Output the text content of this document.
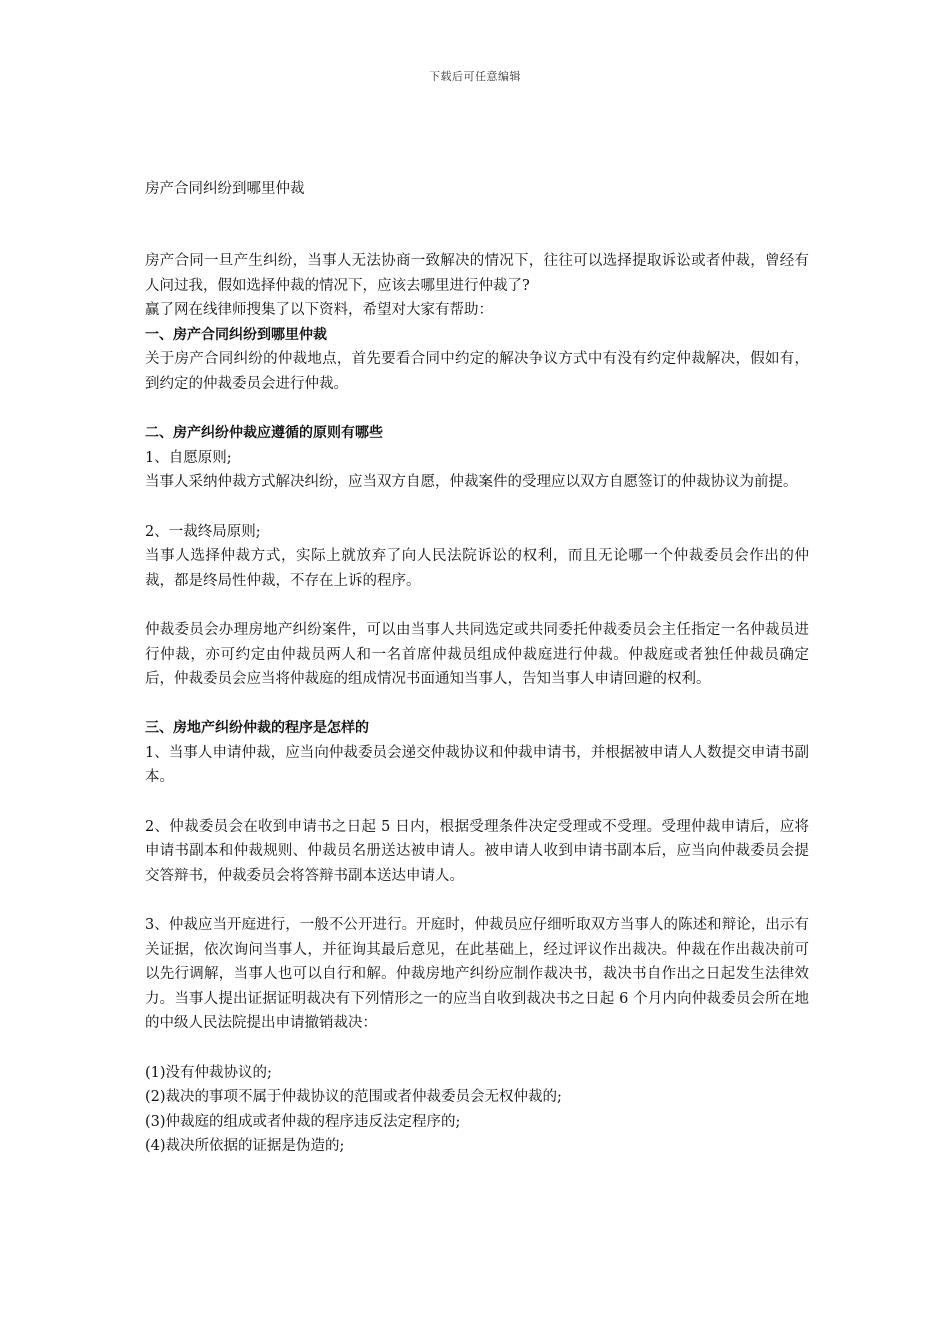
下载后可任意编辑
房产合同纠纷到哪里仲裁

房产合同一旦产生纠纷，当事人无法协商一致解决的情况下，往往可以选择提取诉讼或者仲裁，曾经有人问过我，假如选择仲裁的情况下，应该去哪里进行仲裁了?

赢了网在线律师搜集了以下资料，希望对大家有帮助：

一、房产合同纠纷到哪里仲裁

关于房产合同纠纷的仲裁地点，首先要看合同中约定的解决争议方式中有没有约定仲裁解决，假如有，到约定的仲裁委员会进行仲裁。

二、房产纠纷仲裁应遵循的原则有哪些

1、自愿原则;

当事人采纳仲裁方式解决纠纷，应当双方自愿，仲裁案件的受理应以双方自愿签订的仲裁协议为前提。

2、一裁终局原则;

当事人选择仲裁方式，实际上就放弃了向人民法院诉讼的权利，而且无论哪一个仲裁委员会作出的仲裁，都是终局性仲裁，不存在上诉的程序。

仲裁委员会办理房地产纠纷案件，可以由当事人共同选定或共同委托仲裁委员会主任指定一名仲裁员进行仲裁，亦可约定由仲裁员两人和一名首席仲裁员组成仲裁庭进行仲裁。仲裁庭或者独任仲裁员确定后，仲裁委员会应当将仲裁庭的组成情况书面通知当事人，告知当事人申请回避的权利。

三、房地产纠纷仲裁的程序是怎样的

1、当事人申请仲裁，应当向仲裁委员会递交仲裁协议和仲裁申请书，并根据被申请人人数提交申请书副本。

2、仲裁委员会在收到申请书之日起 5 日内，根据受理条件决定受理或不受理。受理仲裁申请后，应将申请书副本和仲裁规则、仲裁员名册送达被申请人。被申请人收到申请书副本后，应当向仲裁委员会提交答辩书，仲裁委员会将答辩书副本送达申请人。

3、仲裁应当开庭进行，一般不公开进行。开庭时，仲裁员应仔细听取双方当事人的陈述和辩论，出示有关证据，依次询问当事人，并征询其最后意见，在此基础上，经过评议作出裁决。仲裁在作出裁决前可以先行调解，当事人也可以自行和解。仲裁房地产纠纷应制作裁决书，裁决书自作出之日起发生法律效力。当事人提出证据证明裁决有下列情形之一的应当自收到裁决书之日起 6 个月内向仲裁委员会所在地的中级人民法院提出申请撤销裁决：

(1)没有仲裁协议的;

(2)裁决的事项不属于仲裁协议的范围或者仲裁委员会无权仲裁的;

(3)仲裁庭的组成或者仲裁的程序违反法定程序的;

(4)裁决所依据的证据是伪造的;
